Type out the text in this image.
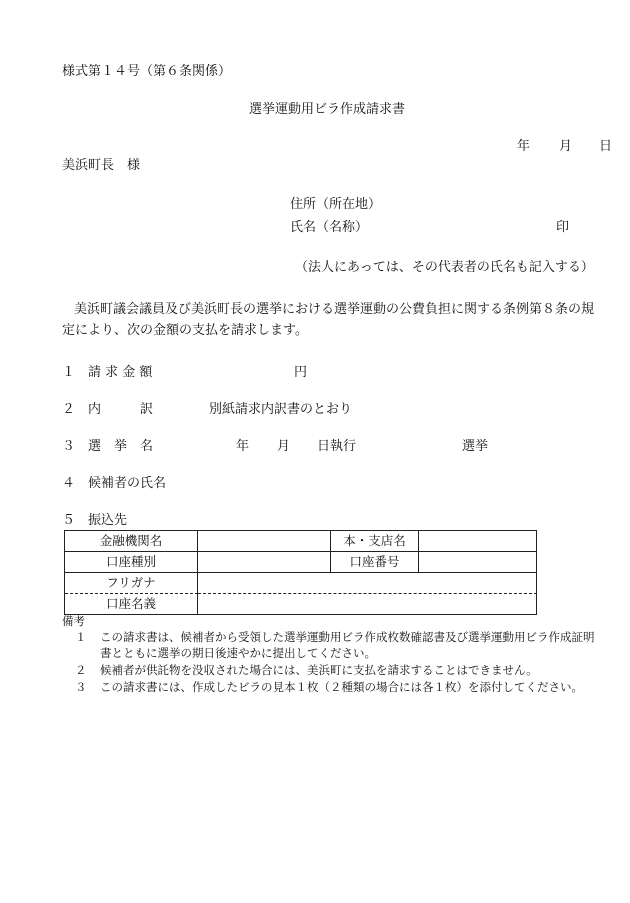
様式第１４号（第６条関係）
選挙運動用ビラ作成請求書
年 月 日
美浜町長　様
住所（所在地）
氏名（名称）	印
（法人にあっては、その代表者の氏名も記入する）
美浜町議会議員及び美浜町長の選挙における選挙運動の公費負担に関する条例第８条の規
定により、次の金額の支払を請求します。
１ 請 求 金 額	円
２ 内　　　訳	別紙請求内訳書のとおり
３ 選　挙　名	年 月 日執行	選挙
４ 候補者の氏名
５ 振込先
金融機関名		本・支店名	
口座種別		口座番号	
フリガナ			
口座名義			
備考
１ この請求書は、候補者から受領した選挙運動用ビラ作成枚数確認書及び選挙運動用ビラ作成証明
書とともに選挙の期日後速やかに提出してください。
２ 候補者が供託物を没収された場合には、美浜町に支払を請求することはできません。
３ この請求書には、作成したビラの見本１枚（２種類の場合には各１枚）を添付してください。
